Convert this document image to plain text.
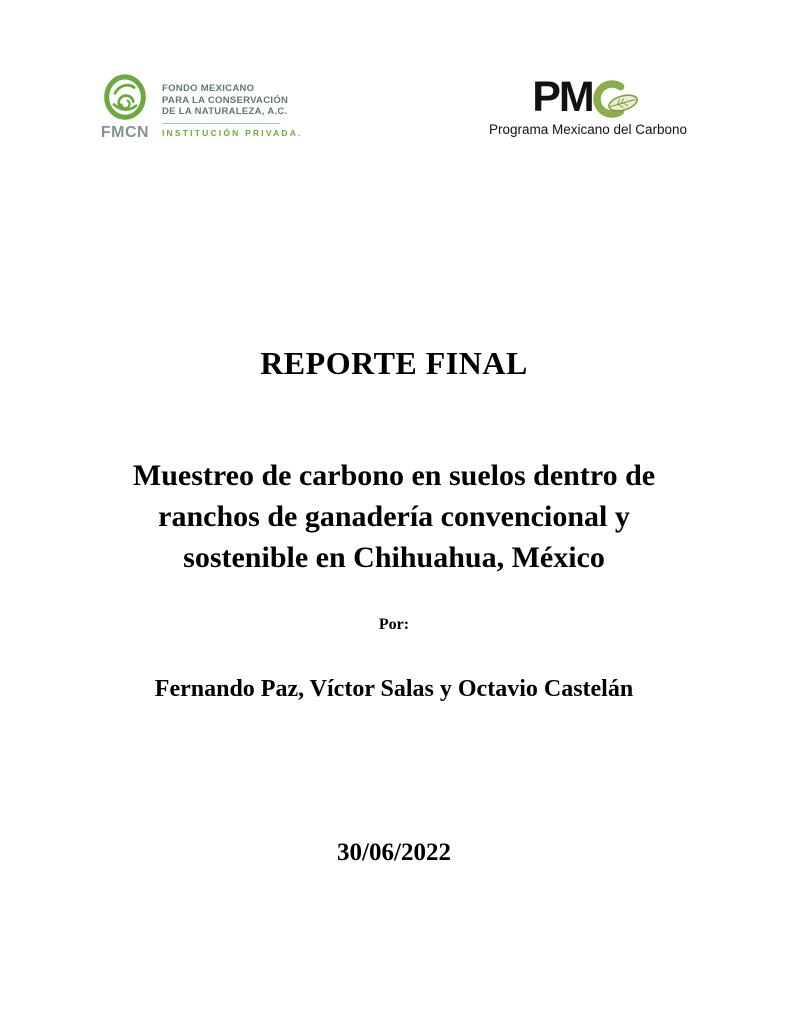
FMCN
FONDO MEXICANO
PARA LA CONSERVACIÓN
DE LA NATURALEZA, A.C.
INSTITUCIÓN PRIVADA.
PM
Programa Mexicano del Carbono
REPORTE FINAL
Muestreo de carbono en suelos dentro de
ranchos de ganadería convencional y
sostenible en Chihuahua, México
Por:
Fernando Paz, Víctor Salas y Octavio Castelán
30/06/2022
